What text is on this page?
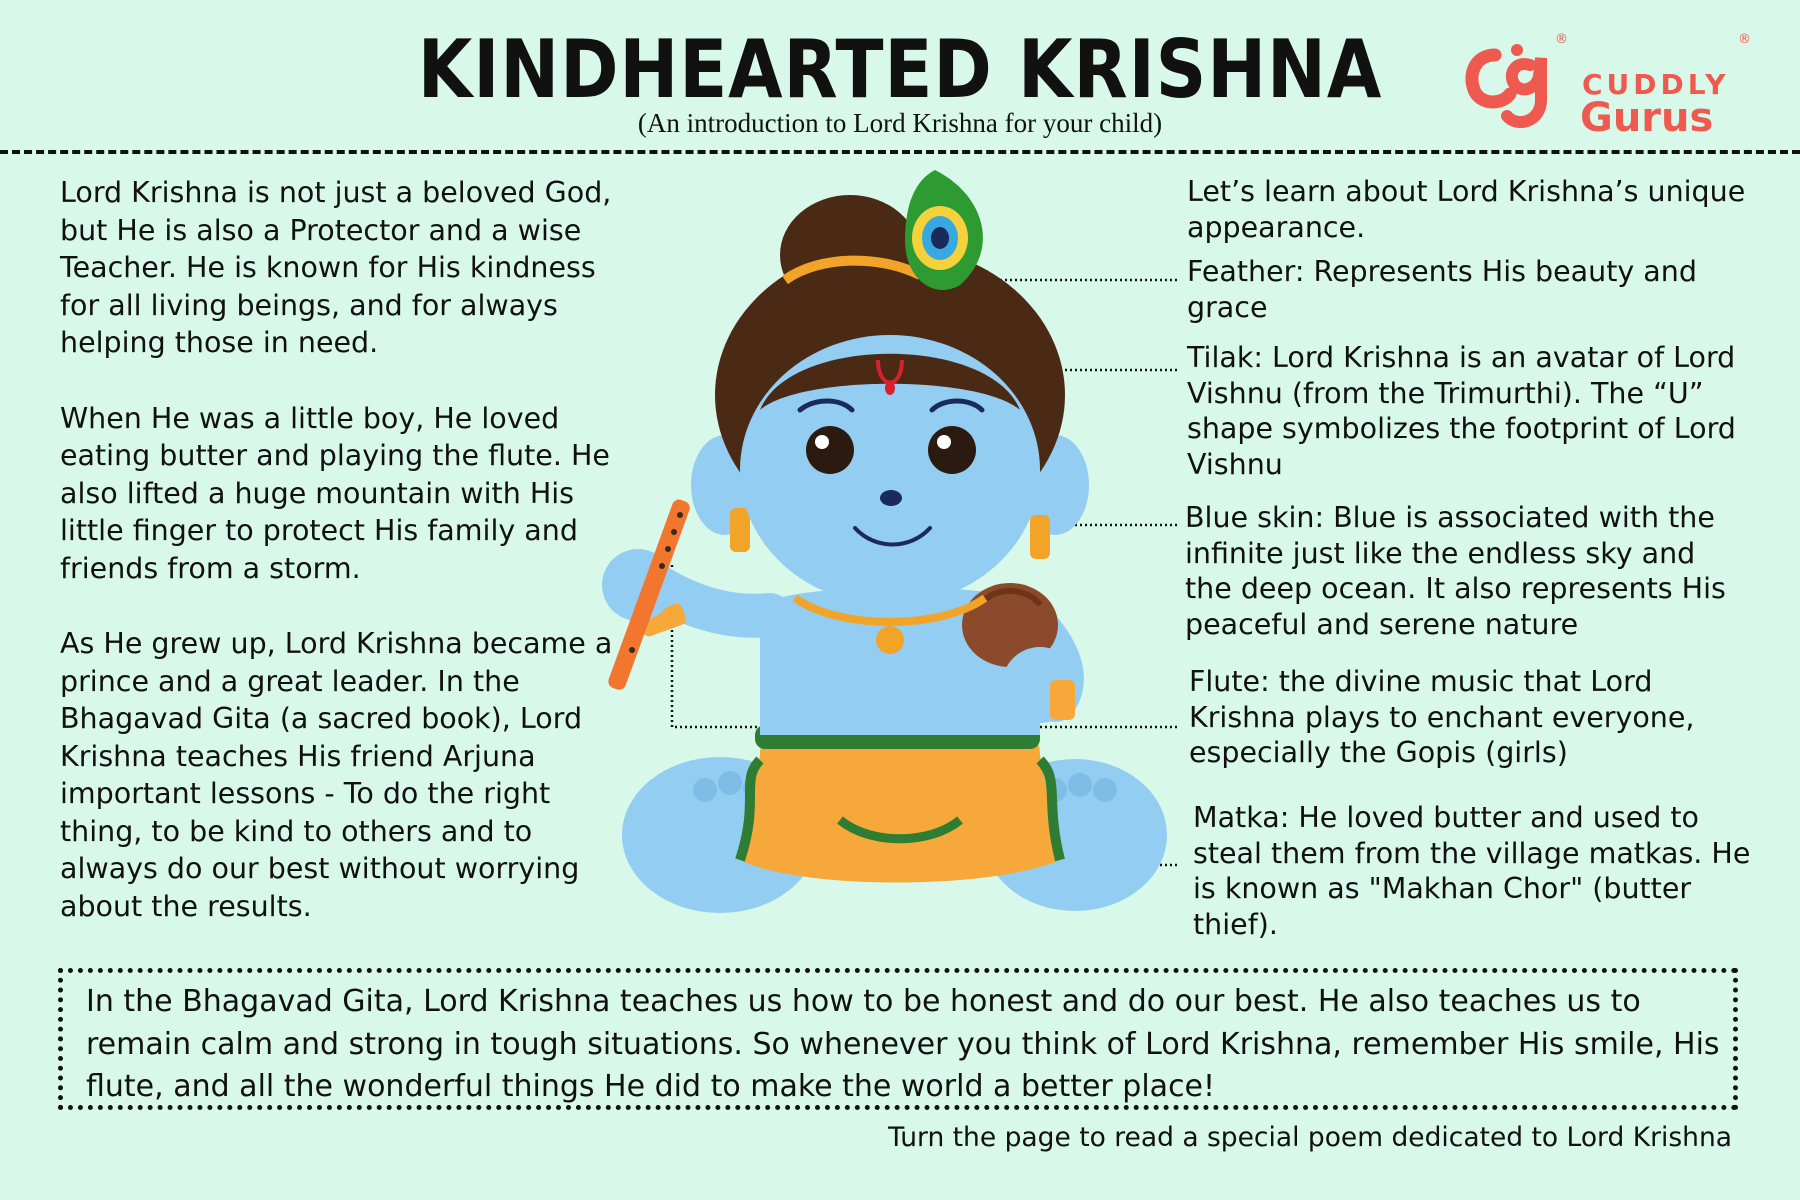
KINDHEARTED KRISHNA
(An introduction to Lord Krishna for your child)
®
CUDDLY
Gurus
®

Lord Krishna is not just a beloved God, but He is also a Protector and a wise Teacher. He is known for His kindness for all living beings, and for always helping those in need.

When He was a little boy, He loved eating butter and playing the flute. He also lifted a huge mountain with His little finger to protect His family and friends from a storm.

As He grew up, Lord Krishna became a prince and a great leader. In the Bhagavad Gita (a sacred book), Lord Krishna teaches His friend Arjuna important lessons - To do the right thing, to be kind to others and to always do our best without worrying about the results.

Let’s learn about Lord Krishna’s unique appearance.
Feather: Represents His beauty and grace
Tilak: Lord Krishna is an avatar of Lord Vishnu (from the Trimurthi). The “U” shape symbolizes the footprint of Lord Vishnu
Blue skin: Blue is associated with the infinite just like the endless sky and the deep ocean. It also represents His peaceful and serene nature
Flute: the divine music that Lord Krishna plays to enchant everyone, especially the Gopis (girls)
Matka: He loved butter and used to steal them from the village matkas. He is known as "Makhan Chor" (butter thief).
In the Bhagavad Gita, Lord Krishna teaches us how to be honest and do our best. He also teaches us to remain calm and strong in tough situations. So whenever you think of Lord Krishna, remember His smile, His flute, and all the wonderful things He did to make the world a better place!
Turn the page to read a special poem dedicated to Lord Krishna
